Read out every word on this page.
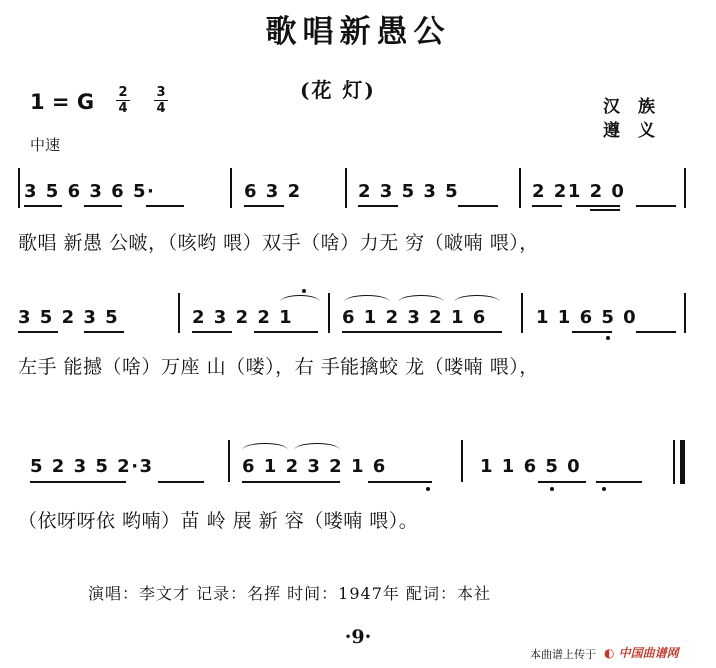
歌唱新愚公
(花 灯)
1 = G 2
4
3
4
中速
汉族
遵义
3 5 6 3 6 5·	6 3 2	2 3 5 3 5	2 21 2 0
歌唱 新愚 公啵，（咳哟 喂）双手（啥）力无 穷（啵喃 喂），
3 5 2 3 5	2 3 2 2 1	6 1 2 3 2 1 6	1 1 6 5 0
左手 能撼（啥）万座 山（喽），右 手能擒蛟 龙（喽喃 喂），
5 2 3 5 2·3	6 1 2 3 2 1 6	1 1 6 5 0
（依呀呀依 哟喃）苗 岭 展 新 容（喽喃 喂）。
演唱：李文才 记录：名挥 时间：1947年 配词：本社
·9·
本曲谱上传于 ◐ 中国曲谱网
